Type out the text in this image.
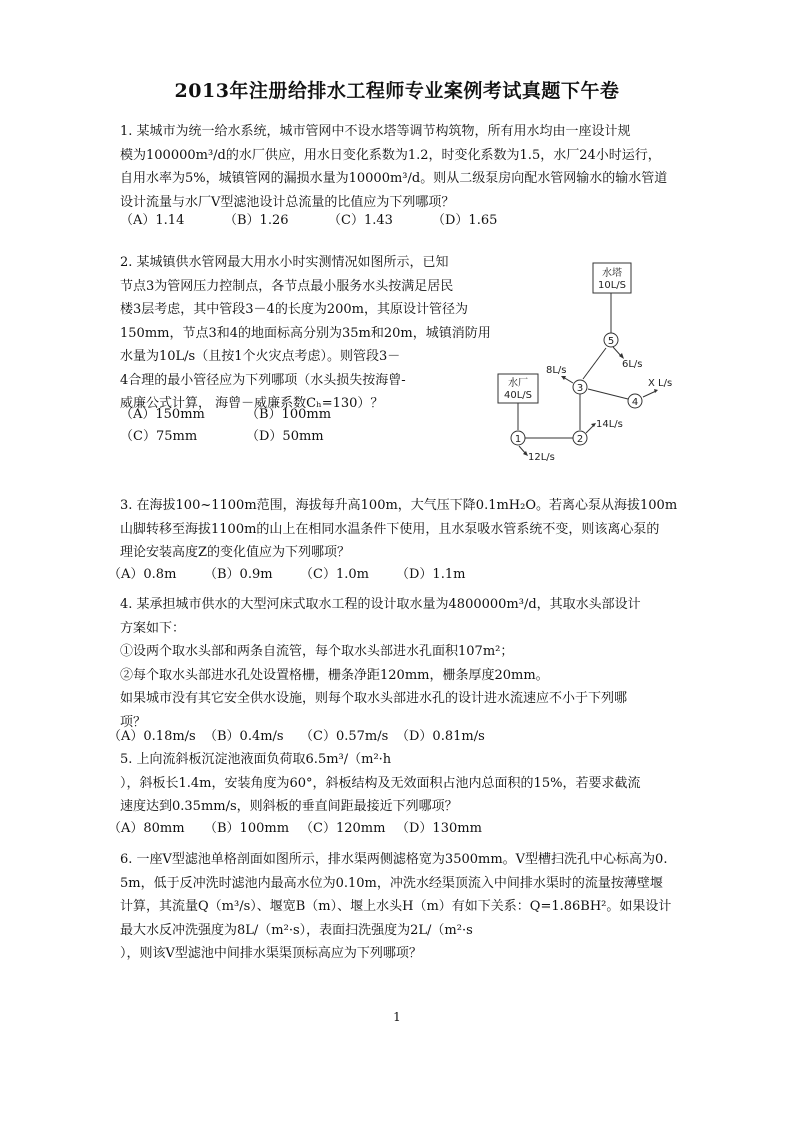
2013年注册给排水工程师专业案例考试真题下午卷
1. 某城市为统一给水系统，城市管网中不设水塔等调节构筑物，所有用水均由一座设计规
模为100000m³/d的水厂供应，用水日变化系数为1.2，时变化系数为1.5，水厂24小时运行，
自用水率为5%，城镇管网的漏损水量为10000m³/d。则从二级泵房向配水管网输水的输水管道
设计流量与水厂V型滤池设计总流量的比值应为下列哪项？
（A）1.14	（B）1.26	（C）1.43	（D）1.65
2. 某城镇供水管网最大用水小时实测情况如图所示，已知
节点3为管网压力控制点，各节点最小服务水头按满足居民
楼3层考虑，其中管段3－4的长度为200m，其原设计管径为
150mm，节点3和4的地面标高分别为35m和20m，城镇消防用
水量为10L/s（且按1个火灾点考虑）。则管段3－
4合理的最小管径应为下列哪项（水头损失按海曾-
威廉公式计算， 海曾－威廉系数Cₕ=130）？
（A）150mm	（B）100mm
（C）75mm	（D）50mm
水塔
10L/S
水厂
40L/S
5
3
4
2
1
6L/s
8L/s
X L/s
14L/s
12L/s
3. 在海拔100~1100m范围，海拔每升高100m，大气压下降0.1mH₂O。若离心泵从海拔100m
山脚转移至海拔1100m的山上在相同水温条件下使用，且水泵吸水管系统不变，则该离心泵的
理论安装高度Z的变化值应为下列哪项？
（A）0.8m （B）0.9m （C）1.0m （D）1.1m
4. 某承担城市供水的大型河床式取水工程的设计取水量为4800000m³/d，其取水头部设计
方案如下：
①设两个取水头部和两条自流管，每个取水头部进水孔面积107m²；
②每个取水头部进水孔处设置格栅，栅条净距120mm，栅条厚度20mm。
如果城市没有其它安全供水设施，则每个取水头部进水孔的设计进水流速应不小于下列哪
项？
（A）0.18m/s （B）0.4m/s （C）0.57m/s （D）0.81m/s
5. 上向流斜板沉淀池液面负荷取6.5m³/（m²·h
），斜板长1.4m，安装角度为60°，斜板结构及无效面积占池内总面积的15%，若要求截流
速度达到0.35mm/s，则斜板的垂直间距最接近下列哪项？
（A）80mm （B）100mm （C）120mm （D）130mm
6. 一座V型滤池单格剖面如图所示，排水渠两侧滤格宽为3500mm。V型槽扫洗孔中心标高为0.
5m，低于反冲洗时滤池内最高水位为0.10m，冲洗水经渠顶流入中间排水渠时的流量按薄壁堰
计算，其流量Q（m³/s）、堰宽B（m）、堰上水头H（m）有如下关系：Q=1.86BH²。如果设计
最大水反冲洗强度为8L/（m²·s），表面扫洗强度为2L/（m²·s
），则该V型滤池中间排水渠渠顶标高应为下列哪项？
1
